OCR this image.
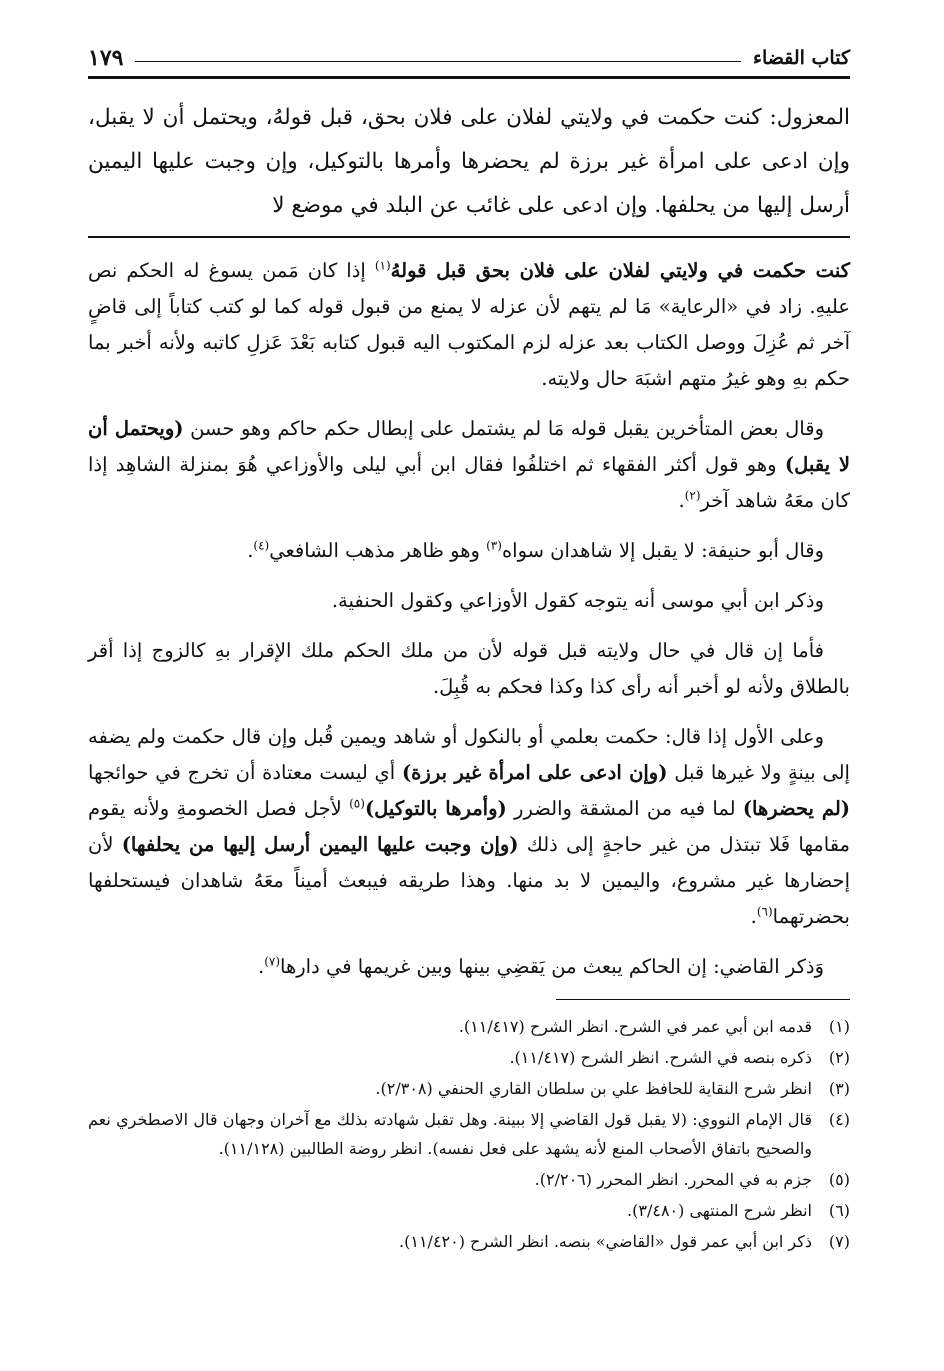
كتاب القضاء
١٧٩
المعزول: كنت حكمت في ولايتي لفلان على فلان بحق، قبل قولهُ، ويحتمل أن لا يقبل، وإن ادعى على امرأة غير برزة لم يحضرها وأمرها بالتوكيل، وإن وجبت عليها اليمين أرسل إليها من يحلفها. وإن ادعى على غائب عن البلد في موضع لا

كنت حكمت في ولايتي لفلان على فلان بحق قبل قولهُ$^{(١)}$ إذا كان مَمن يسوغ له الحكم نص عليهِ. زاد في «الرعاية» مَا لم يتهم لأن عزله لا يمنع من قبول قوله كما لو كتب كتاباً إلى قاضٍ آخر ثم عُزِلَ ووصل الكتاب بعد عزله لزم المكتوب اليه قبول كتابه بَعْدَ عَزلِ كاتبه ولأنه أخبر بما حكم بهِ وهو غيرُ متهم اشبَهَ حال ولايته.

وقال بعض المتأخرين يقبل قوله مَا لم يشتمل على إبطال حكم حاكم وهو حسن (ويحتمل أن لا يقبل) وهو قول أكثر الفقهاء ثم اختلفُوا فقال ابن أبي ليلى والأوزاعي هُوَ بمنزلة الشاهِد إذا كان معَهُ شاهد آخر$^{(٢)}$.

وقال أبو حنيفة: لا يقبل إلا شاهدان سواه$^{(٣)}$ وهو ظاهر مذهب الشافعي$^{(٤)}$.

وذكر ابن أبي موسى أنه يتوجه كقول الأوزاعي وكقول الحنفية.

فأما إن قال في حال ولايته قبل قوله لأن من ملك الحكم ملك الإقرار بهِ كالزوج إذا أقر بالطلاق ولأنه لو أخبر أنه رأى كذا وكذا فحكم به قُبِلَ.

وعلى الأول إذا قال: حكمت بعلمي أو بالنكول أو شاهد ويمين قُبل وإن قال حكمت ولم يضفه إلى بينةٍ ولا غيرها قبل (وإن ادعى على امرأة غير برزة) أي ليست معتادة أن تخرج في حوائجها (لم يحضرها) لما فيه من المشقة والضرر (وأمرها بالتوكيل)$^{(٥)}$ لأجل فصل الخصومةِ ولأنه يقوم مقامها فَلا تبتذل من غير حاجةٍ إلى ذلك (وإن وجبت عليها اليمين أرسل إليها من يحلفها) لأن إحضارها غير مشروع، واليمين لا بد منها. وهذا طريقه فيبعث أميناً معَهُ شاهدان فيستحلفها بحضرتهما$^{(٦)}$.

وَذكر القاضي: إن الحاكم يبعث من يَقضِي بينها وبين غريمها في دارها$^{(٧)}$.

(١)
قدمه ابن أبي عمر في الشرح. انظر الشرح (١١/٤١٧).
(٢)
ذكره بنصه في الشرح. انظر الشرح (١١/٤١٧).
(٣)
انظر شرح النقاية للحافظ علي بن سلطان القاري الحنفي (٢/٣٠٨).
(٤)
قال الإمام النووي: (لا يقبل قول القاضي إلا ببينة. وهل تقبل شهادته بذلك مع آخران وجهان قال الاصطخري نعم والصحيح باتفاق الأصحاب المنع لأنه يشهد على فعل نفسه). انظر روضة الطالبين (١١/١٢٨).
(٥)
جزم به في المحرر. انظر المحرر (٢/٢٠٦).
(٦)
انظر شرح المنتهى (٣/٤٨٠).
(٧)
ذكر ابن أبي عمر قول «القاضي» بنصه. انظر الشرح (١١/٤٢٠).
